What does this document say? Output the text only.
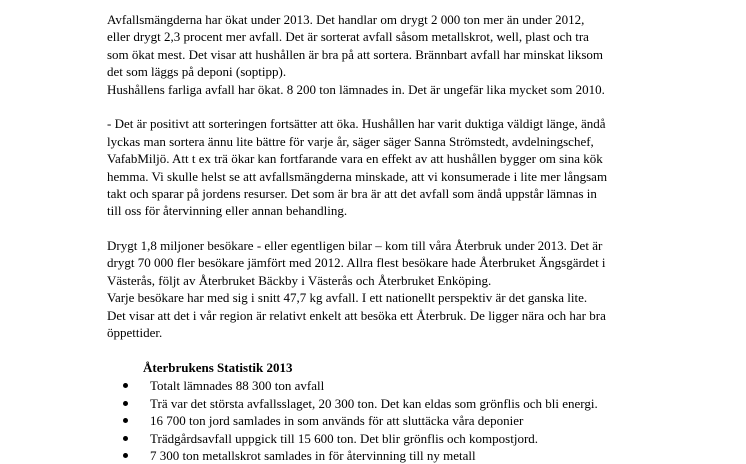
Avfallsmängderna har ökat under 2013. Det handlar om drygt 2 000 ton mer än under 2012,
eller drygt 2,3 procent mer avfall. Det är sorterat avfall såsom metallskrot, well, plast och tra
som ökat mest. Det visar att hushållen är bra på att sortera. Brännbart avfall har minskat liksom
det som läggs på deponi (soptipp).
Hushållens farliga avfall har ökat. 8 200 ton lämnades in. Det är ungefär lika mycket som 2010.
- Det är positivt att sorteringen fortsätter att öka. Hushållen har varit duktiga väldigt länge, ändå
lyckas man sortera ännu lite bättre för varje år, säger säger Sanna Strömstedt, avdelningschef,
VafabMiljö. Att t ex trä ökar kan fortfarande vara en effekt av att hushållen bygger om sina kök
hemma. Vi skulle helst se att avfallsmängderna minskade, att vi konsumerade i lite mer långsam
takt och sparar på jordens resurser. Det som är bra är att det avfall som ändå uppstår lämnas in
till oss för återvinning eller annan behandling.
Drygt 1,8 miljoner besökare - eller egentligen bilar – kom till våra Återbruk under 2013. Det är
drygt 70 000 fler besökare jämfört med 2012. Allra flest besökare hade Återbruket Ängsgärdet i
Västerås, följt av Återbruket Bäckby i Västerås och Återbruket Enköping.
Varje besökare har med sig i snitt 47,7 kg avfall. I ett nationellt perspektiv är det ganska lite.
Det visar att det i vår region är relativt enkelt att besöka ett Återbruk. De ligger nära och har bra
öppettider.
Återbrukens Statistik 2013
Totalt lämnades 88 300 ton avfall
Trä var det största avfallsslaget, 20 300 ton. Det kan eldas som grönflis och bli energi.
16 700 ton jord samlades in som används för att sluttäcka våra deponier
Trädgårdsavfall uppgick till 15 600 ton. Det blir grönflis och kompostjord.
7 300 ton metallskrot samlades in för återvinning till ny metall
